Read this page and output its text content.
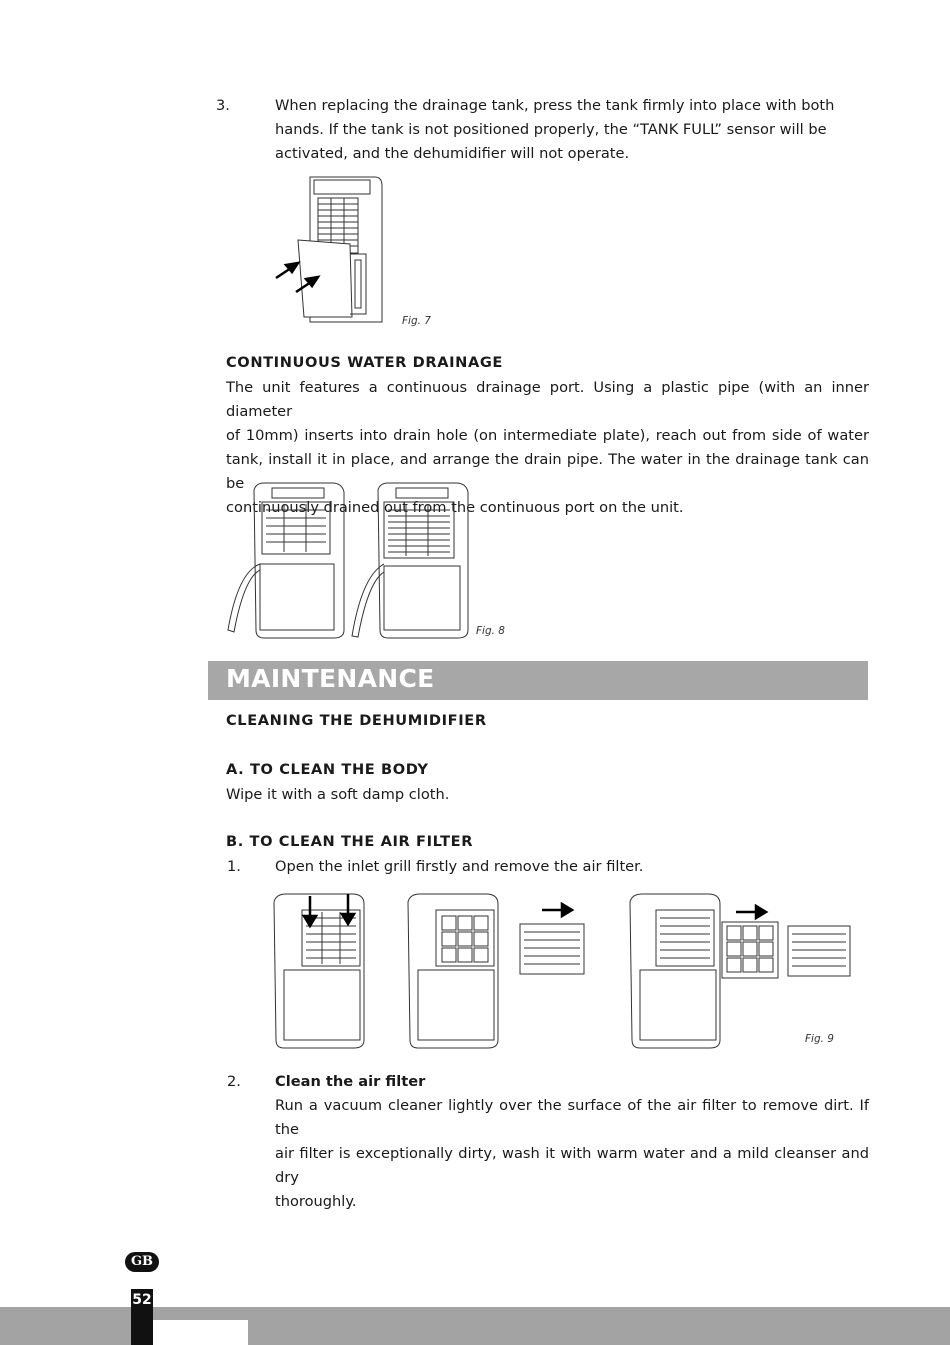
3.	When replacing the drainage tank, press the tank firmly into place with both
hands. If the tank is not positioned properly, the “TANK FULL” sensor will be
activated, and the dehumidifier will not operate.
Fig. 7
CONTINUOUS WATER DRAINAGE
The unit features a continuous drainage port. Using a plastic pipe (with an inner diameter
of 10mm) inserts into drain hole (on intermediate plate), reach out from side of water
tank, install it in place, and arrange the drain pipe. The water in the drainage tank can be
continuously drained out from the continuous port on the unit.
Fig. 8
MAINTENANCE
CLEANING THE DEHUMIDIFIER
A. TO CLEAN THE BODY
Wipe it with a soft damp cloth.
B. TO CLEAN THE AIR FILTER
1. Open the inlet grill firstly and remove the air filter.
Fig. 9
2. Clean the air filter
Run a vacuum cleaner lightly over the surface of the air filter to remove dirt. If the
air filter is exceptionally dirty, wash it with warm water and a mild cleanser and dry
thoroughly.
GB
52
